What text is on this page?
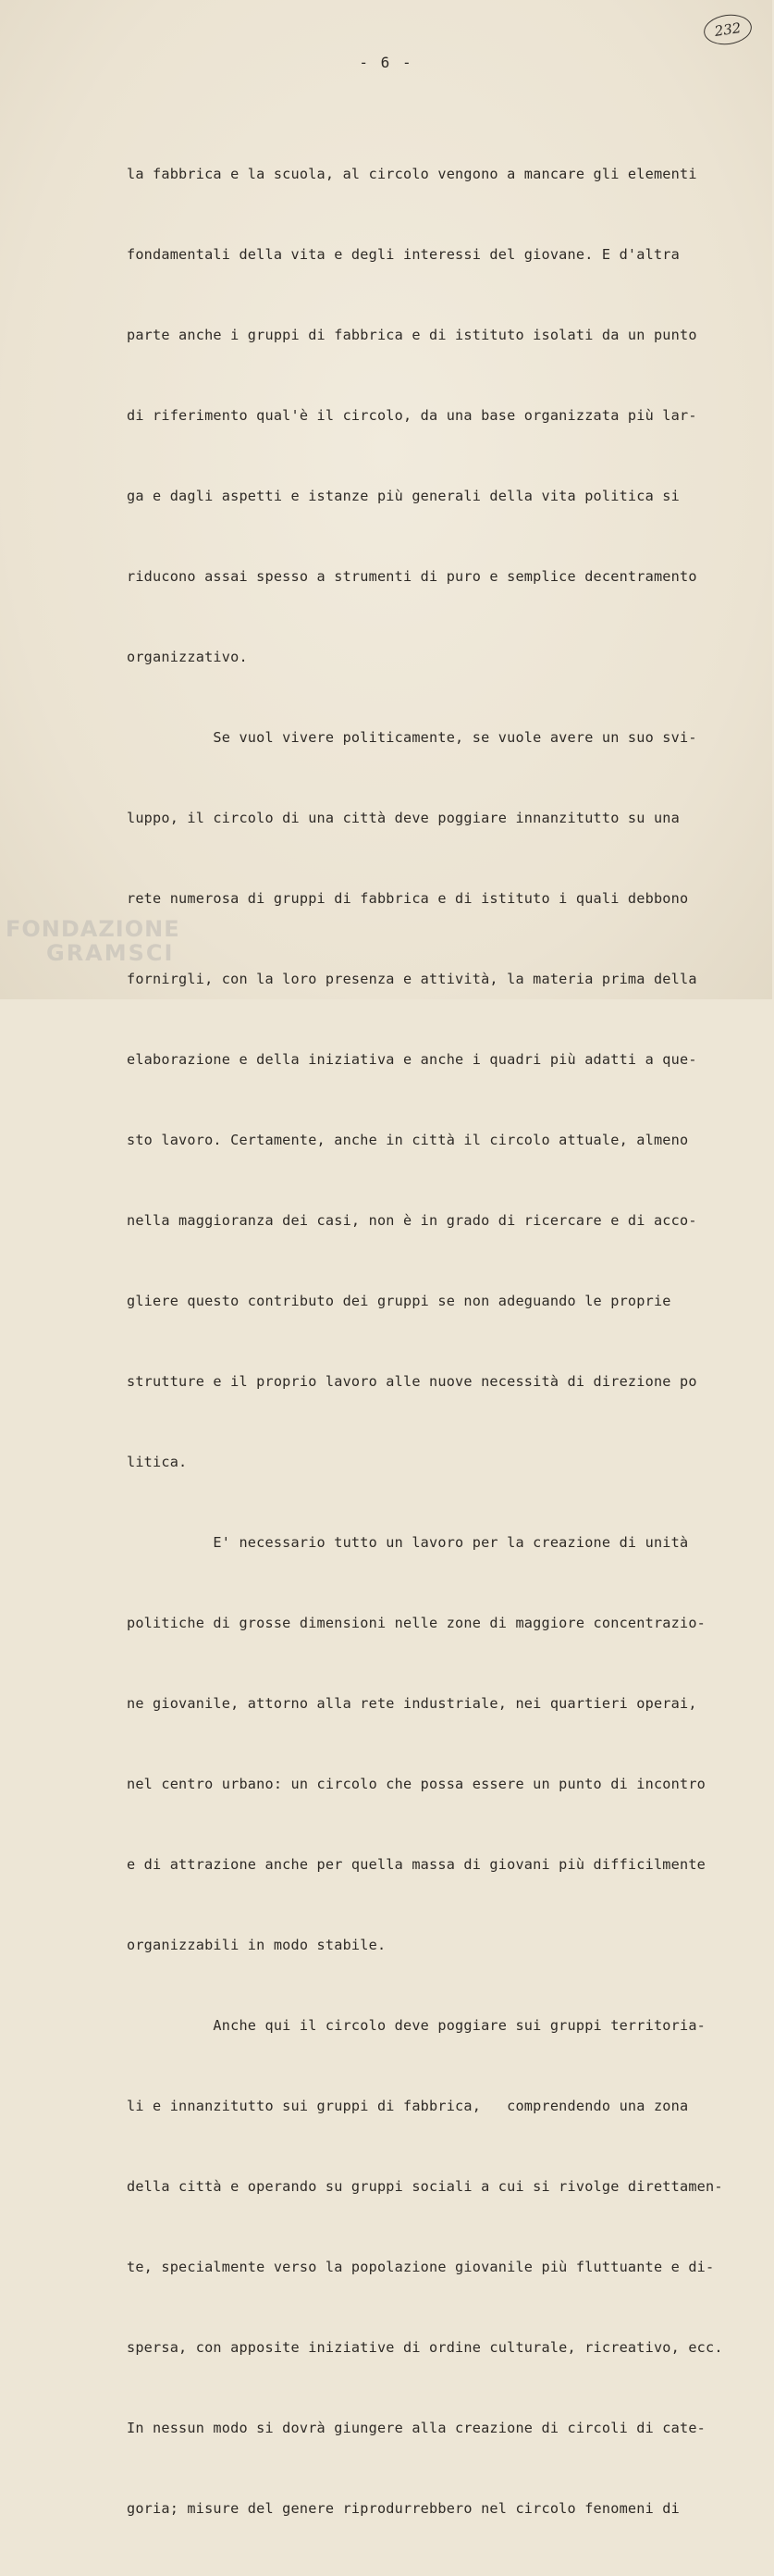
232
- 6 -

la fabbrica e la scuola, al circolo vengono a mancare gli elementi

fondamentali della vita e degli interessi del giovane. E d'altra

parte anche i gruppi di fabbrica e di istituto isolati da un punto

di riferimento qual'è il circolo, da una base organizzata più lar-

ga e dagli aspetti e istanze più generali della vita politica si

riducono assai spesso a strumenti di puro e semplice decentramento

organizzativo.

Se vuol vivere politicamente, se vuole avere un suo svi-

luppo, il circolo di una città deve poggiare innanzitutto su una

rete numerosa di gruppi di fabbrica e di istituto i quali debbono

fornirgli, con la loro presenza e attività, la materia prima della

elaborazione e della iniziativa e anche i quadri più adatti a que-

sto lavoro. Certamente, anche in città il circolo attuale, almeno

nella maggioranza dei casi, non è in grado di ricercare e di acco-

gliere questo contributo dei gruppi se non adeguando le proprie

strutture e il proprio lavoro alle nuove necessità di direzione po

litica.

E' necessario tutto un lavoro per la creazione di unità

politiche di grosse dimensioni nelle zone di maggiore concentrazio-

ne giovanile, attorno alla rete industriale, nei quartieri operai,

nel centro urbano: un circolo che possa essere un punto di incontro

e di attrazione anche per quella massa di giovani più difficilmente

organizzabili in modo stabile.

Anche qui il circolo deve poggiare sui gruppi territoria-

li e innanzitutto sui gruppi di fabbrica,   comprendendo una zona

della città e operando su gruppi sociali a cui si rivolge direttamen-

te, specialmente verso la popolazione giovanile più fluttuante e di-

spersa, con apposite iniziative di ordine culturale, ricreativo, ecc.

In nessun modo si dovrà giungere alla creazione di circoli di cate-

goria; misure del genere riprodurrebbero nel circolo fenomeni di

FONDAZIONE
GRAMSCI
